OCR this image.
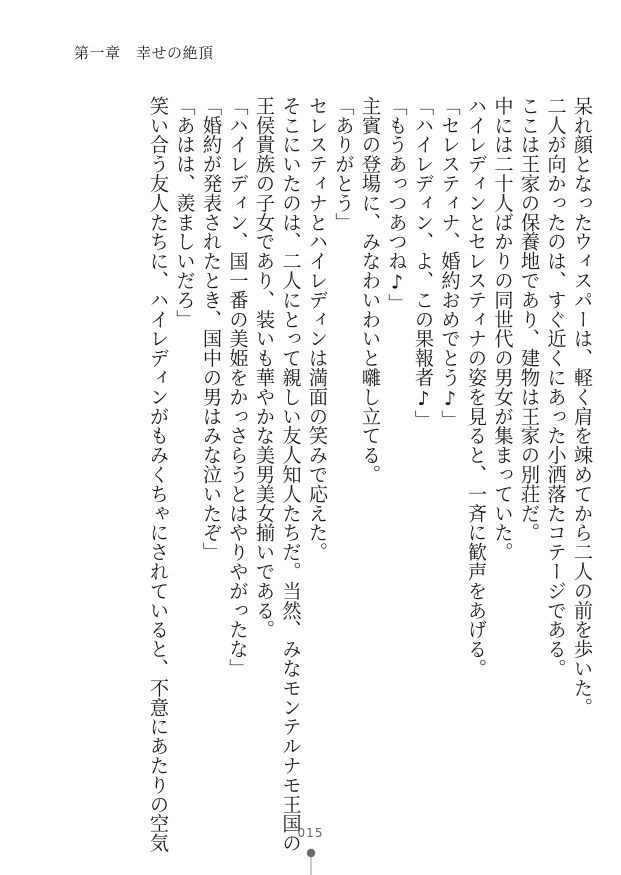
第一章　幸せの絶頂
呆れ顔となったウィスパーは、軽く肩を竦めてから二人の前を歩いた。
二人が向かったのは、すぐ近くにあった小洒落たコテージである。
ここは王家の保養地であり、建物は王家の別荘だ。
中には二十人ばかりの同世代の男女が集まっていた。
ハイレディンとセレスティナの姿を見ると、一斉に歓声をあげる。
「セレスティナ、婚約おめでとう♪」
「ハイレディン、よ、この果報者♪」
「もうあっつあつね♪」
主賓の登場に、みなわいわいと囃し立てる。
「ありがとう」
セレスティナとハイレディンは満面の笑みで応えた。
そこにいたのは、二人にとって親しい友人知人たちだ。当然、みなモンテルナモ王国の
王侯貴族の子女であり、装いも華やかな美男美女揃いである。
「ハイレディン、国一番の美姫をかっさらうとはやりやがったな」
「婚約が発表されたとき、国中の男はみな泣いたぞ」
「あはは、羨ましいだろ」
笑い合う友人たちに、ハイレディンがもみくちゃにされていると、不意にあたりの空気	015
